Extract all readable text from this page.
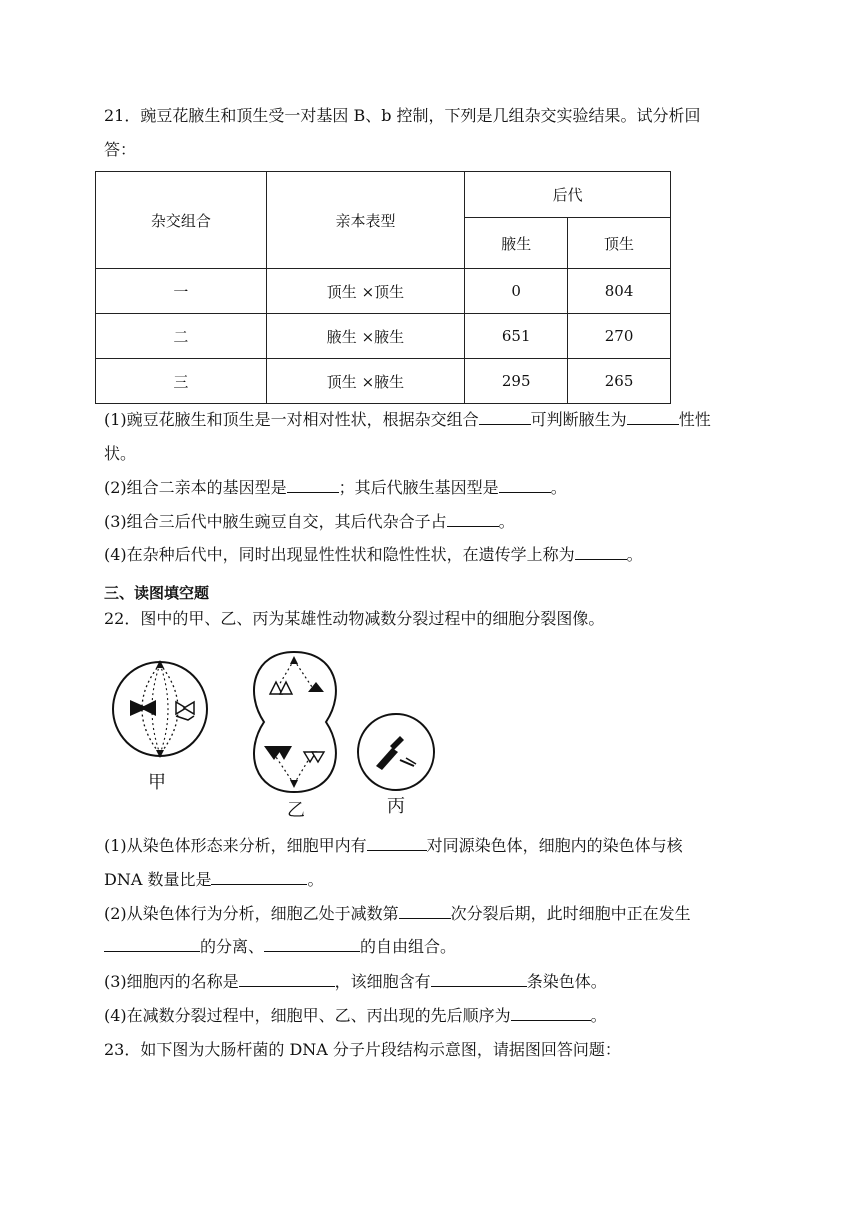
21．豌豆花腋生和顶生受一对基因 B、b 控制，下列是几组杂交实验结果。试分析回
答：
杂交组合	亲本表型	后代	
		腋生	顶生
一	顶生 ×顶生	0	804
二	腋生 ×腋生	651	270
三	顶生 ×腋生	295	265
(1)豌豆花腋生和顶生是一对相对性状，根据杂交组合	可判断腋生为	性性
状。
(2)组合二亲本的基因型是	；其后代腋生基因型是	。
(3)组合三后代中腋生豌豆自交，其后代杂合子占	。
(4)在杂种后代中，同时出现显性性状和隐性性状，在遗传学上称为	。
三、读图填空题
22．图中的甲、乙、丙为某雄性动物减数分裂过程中的细胞分裂图像。
甲
乙	丙
(1)从染色体形态来分析，细胞甲内有	对同源染色体，细胞内的染色体与核
DNA 数量比是	。
(2)从染色体行为分析，细胞乙处于减数第	次分裂后期，此时细胞中正在发生
的分离、	的自由组合。
(3)细胞丙的名称是	，该细胞含有	条染色体。
(4)在减数分裂过程中，细胞甲、乙、丙出现的先后顺序为	。
23．如下图为大肠杆菌的 DNA 分子片段结构示意图，请据图回答问题：
